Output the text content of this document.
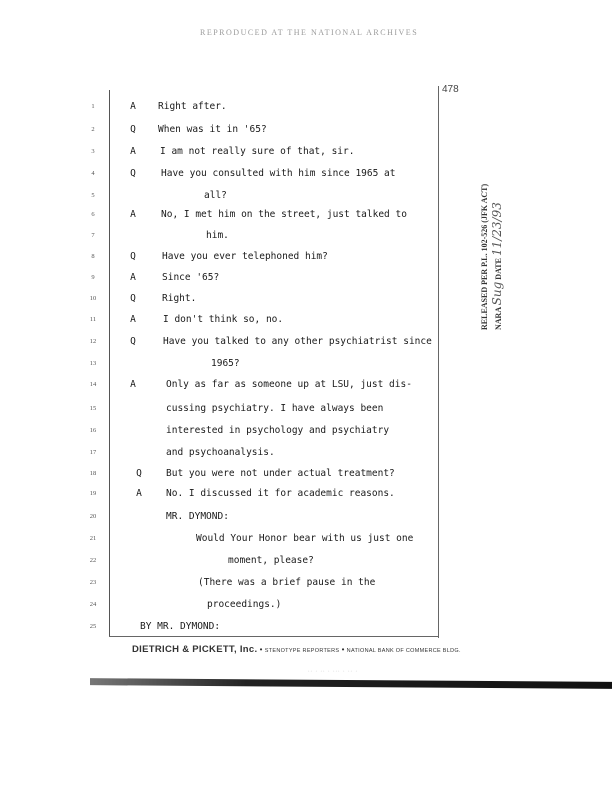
REPRODUCED AT THE NATIONAL ARCHIVES
478
1	A	Right after.
2	Q	When was it in '65?
3	A	I am not really sure of that, sir.
4	Q	Have you consulted with him since 1965 at
5	all?
6	A	No, I met him on the street, just talked to
7	him.
8	Q	Have you ever telephoned him?
9	A	Since '65?
10	Q	Right.
11	A	I don't think so, no.
12	Q	Have you talked to any other psychiatrist since
13	1965?
14	A	Only as far as someone up at LSU, just dis-
15	cussing psychiatry. I have always been
16	interested in psychology and psychiatry
17	and psychoanalysis.
18	Q	But you were not under actual treatment?
19	A	No. I discussed it for academic reasons.
20	MR. DYMOND:
21	Would Your Honor bear with us just one
22	moment, please?
23	(There was a brief pause in the
24	proceedings.)
25	BY MR. DYMOND:
DIETRICH & PICKETT, Inc. • STENOTYPE REPORTERS • NATIONAL BANK OF COMMERCE BLDG.
∙∙ ∙ ∙∙ ∙ ∙∙∙ ∙ ∙∙ ∙
RELEASED PER P.L. 102-526 (JFK ACT) NARA Sug DATE 11/23/93
